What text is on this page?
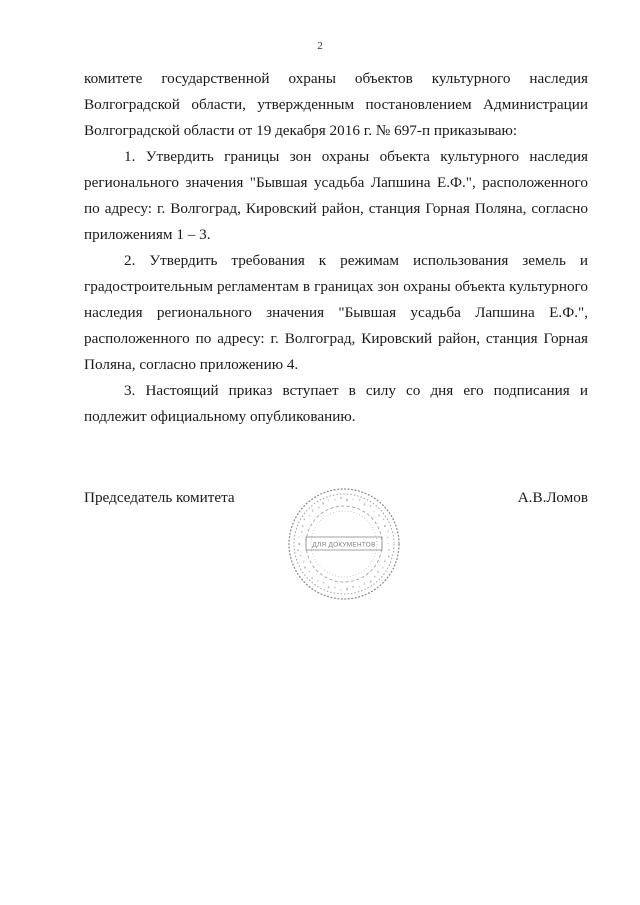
2

комитете государственной охраны объектов культурного наследия
Волгоградской области, утвержденным постановлением Администрации
Волгоградской области от 19 декабря 2016 г. № 697-п приказываю:

1. Утвердить границы зон охраны объекта культурного наследия
регионального значения "Бывшая усадьба Лапшина Е.Ф.", расположенного
по адресу: г. Волгоград, Кировский район, станция Горная Поляна, согласно
приложениям 1 – 3.

2. Утвердить требования к режимам использования земель и
градостроительным регламентам в границах зон охраны объекта культурного
наследия регионального значения "Бывшая усадьба Лапшина Е.Ф.",
расположенного по адресу: г. Волгоград, Кировский район, станция Горная
Поляна, согласно приложению 4.

3. Настоящий приказ вступает в силу со дня его подписания и
подлежит официальному опубликованию.

Председатель комитета	А.В.Ломов
ДЛЯ ДОКУМЕНТОВ
